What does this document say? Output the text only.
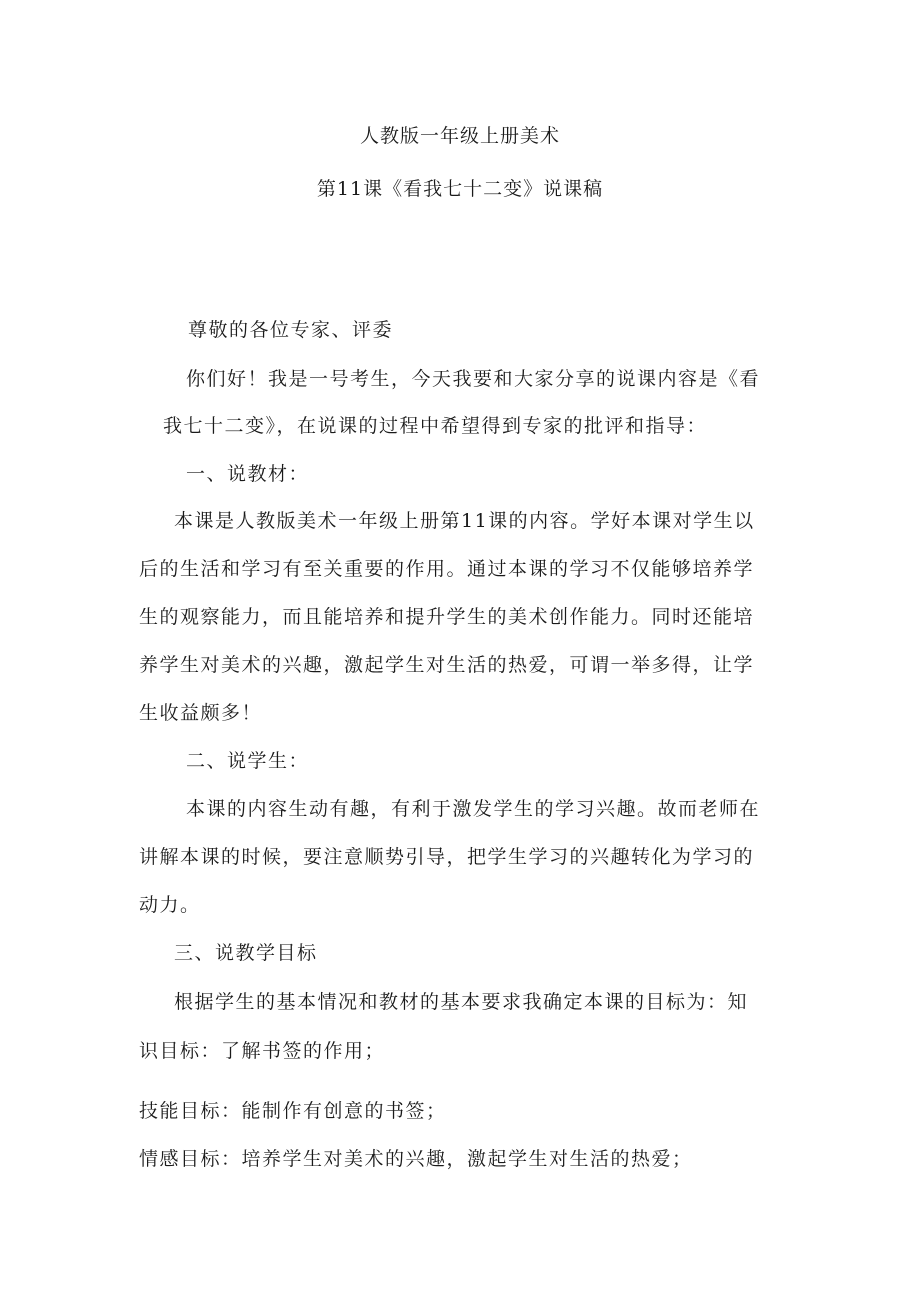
人教版一年级上册美术
第11课《看我七十二变》说课稿
尊敬的各位专家、评委
你们好！我是一号考生，今天我要和大家分享的说课内容是《看
我七十二变》，在说课的过程中希望得到专家的批评和指导：
一、说教材：
本课是人教版美术一年级上册第11课的内容。学好本课对学生以
后的生活和学习有至关重要的作用。通过本课的学习不仅能够培养学
生的观察能力，而且能培养和提升学生的美术创作能力。同时还能培
养学生对美术的兴趣，激起学生对生活的热爱，可谓一举多得，让学
生收益颇多！
二、说学生：
本课的内容生动有趣，有利于激发学生的学习兴趣。故而老师在
讲解本课的时候，要注意顺势引导，把学生学习的兴趣转化为学习的
动力。
三、说教学目标
根据学生的基本情况和教材的基本要求我确定本课的目标为：知
识目标：了解书签的作用；
技能目标：能制作有创意的书签；
情感目标：培养学生对美术的兴趣，激起学生对生活的热爱；
